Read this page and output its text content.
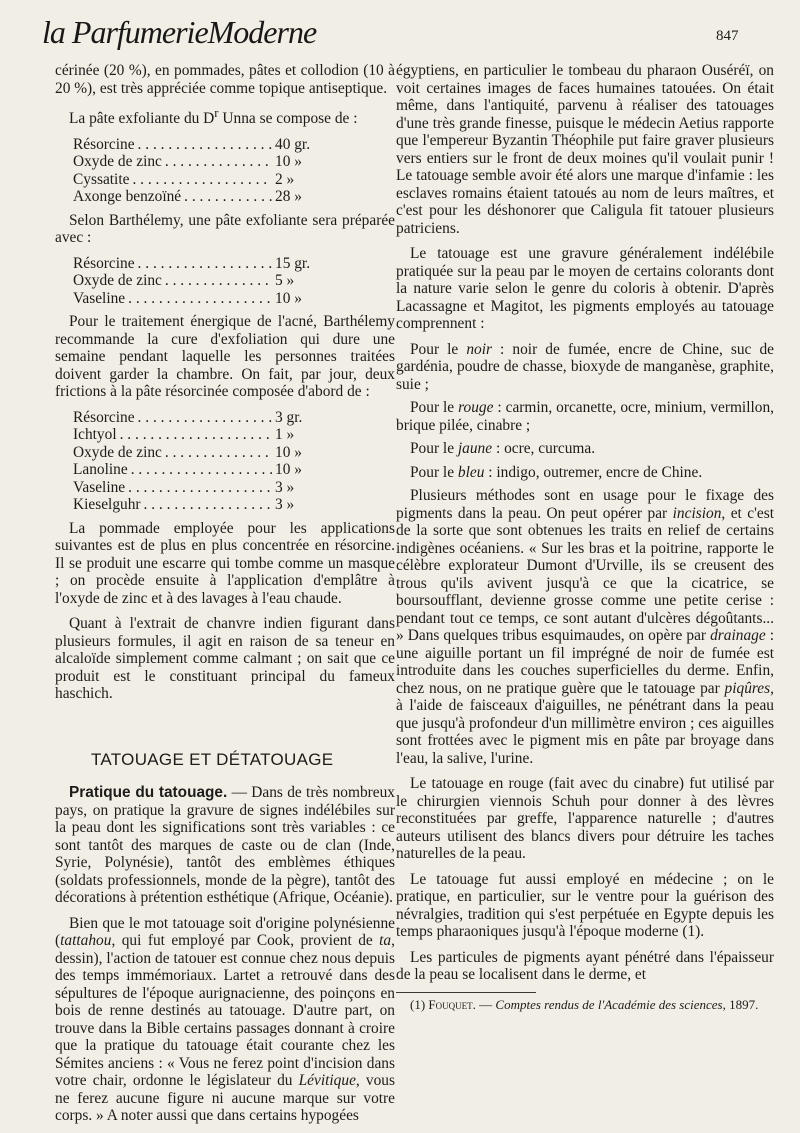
la ParfumerieModerne	847

cérinée (20 %), en pommades, pâtes et collodion (10 à 20 %), est très appréciée comme topique antiseptique.

La pâte exfoliante du $D^r$ Unna se compose de :

Résorcine . . .	40 gr.
Oxyde de zinc . . .	10 »
Cyssatite . . .	2 »
Axonge benzoïné . . .	28 »

Selon Barthélemy, une pâte exfoliante sera préparée avec :

Résorcine . . .	15 gr.
Oxyde de zinc . . .	5 »
Vaseline . . .	10 »

Pour le traitement énergique de l'acné, Barthélemy recommande la cure d'exfoliation qui dure une semaine pendant laquelle les personnes traitées doivent garder la chambre. On fait, par jour, deux frictions à la pâte résorcinée composée d'abord de :

Résorcine . . .	3 gr.
Ichtyol . . .	1 »
Oxyde de zinc . . .	10 »
Lanoline . . .	10 »
Vaseline . . .	3 »
Kieselguhr . . .	3 »

La pommade employée pour les applications suivantes est de plus en plus concentrée en résorcine. Il se produit une escarre qui tombe comme un masque ; on procède ensuite à l'application d'emplâtre à l'oxyde de zinc et à des lavages à l'eau chaude.

Quant à l'extrait de chanvre indien figurant dans plusieurs formules, il agit en raison de sa teneur en alcaloïde simplement comme calmant ; on sait que ce produit est le constituant principal du fameux haschich.

TATOUAGE ET DÉTATOUAGE

Pratique du tatouage. — Dans de très nombreux pays, on pratique la gravure de signes indélébiles sur la peau dont les significations sont très variables : ce sont tantôt des marques de caste ou de clan (Inde, Syrie, Polynésie), tantôt des emblèmes éthiques (soldats professionnels, monde de la pègre), tantôt des décorations à prétention esthétique (Afrique, Océanie).

Bien que le mot tatouage soit d'origine polynésienne (tattahou, qui fut employé par Cook, provient de ta, dessin), l'action de tatouer est connue chez nous depuis des temps immémoriaux. Lartet a retrouvé dans des sépultures de l'époque aurignacienne, des poinçons en bois de renne destinés au tatouage. D'autre part, on trouve dans la Bible certains passages donnant à croire que la pratique du tatouage était courante chez les Sémites anciens : « Vous ne ferez point d'incision dans votre chair, ordonne le législateur du Lévitique, vous ne ferez aucune figure ni aucune marque sur votre corps. » A noter aussi que dans certains hypogées

égyptiens, en particulier le tombeau du pharaon Ouséréï, on voit certaines images de faces humaines tatouées. On était même, dans l'antiquité, parvenu à réaliser des tatouages d'une très grande finesse, puisque le médecin Aetius rapporte que l'empereur Byzantin Théophile put faire graver plusieurs vers entiers sur le front de deux moines qu'il voulait punir ! Le tatouage semble avoir été alors une marque d'infamie : les esclaves romains étaient tatoués au nom de leurs maîtres, et c'est pour les déshonorer que Caligula fit tatouer plusieurs patriciens.

Le tatouage est une gravure généralement indélébile pratiquée sur la peau par le moyen de certains colorants dont la nature varie selon le genre du coloris à obtenir. D'après Lacassagne et Magitot, les pigments employés au tatouage comprennent :

Pour le noir : noir de fumée, encre de Chine, suc de gardénia, poudre de chasse, bioxyde de manganèse, graphite, suie ;

Pour le rouge : carmin, orcanette, ocre, minium, vermillon, brique pilée, cinabre ;

Pour le jaune : ocre, curcuma.

Pour le bleu : indigo, outremer, encre de Chine.

Plusieurs méthodes sont en usage pour le fixage des pigments dans la peau. On peut opérer par incision, et c'est de la sorte que sont obtenues les traits en relief de certains indigènes océaniens. « Sur les bras et la poitrine, rapporte le célèbre explorateur Dumont d'Urville, ils se creusent des trous qu'ils avivent jusqu'à ce que la cicatrice, se boursoufflant, devienne grosse comme une petite cerise : pendant tout ce temps, ce sont autant d'ulcères dégoûtants... » Dans quelques tribus esquimaudes, on opère par drainage : une aiguille portant un fil imprégné de noir de fumée est introduite dans les couches superficielles du derme. Enfin, chez nous, on ne pratique guère que le tatouage par piqûres, à l'aide de faisceaux d'aiguilles, ne pénétrant dans la peau que jusqu'à profondeur d'un millimètre environ ; ces aiguilles sont frottées avec le pigment mis en pâte par broyage dans l'eau, la salive, l'urine.

Le tatouage en rouge (fait avec du cinabre) fut utilisé par le chirurgien viennois Schuh pour donner à des lèvres reconstituées par greffe, l'apparence naturelle ; d'autres auteurs utilisent des blancs divers pour détruire les taches naturelles de la peau.

Le tatouage fut aussi employé en médecine ; on le pratique, en particulier, sur le ventre pour la guérison des névralgies, tradition qui s'est perpétuée en Egypte depuis les temps pharaoniques jusqu'à l'époque moderne (1).

Les particules de pigments ayant pénétré dans l'épaisseur de la peau se localisent dans le derme, et

(1) Fouquet. — Comptes rendus de l'Académie des sciences, 1897.
